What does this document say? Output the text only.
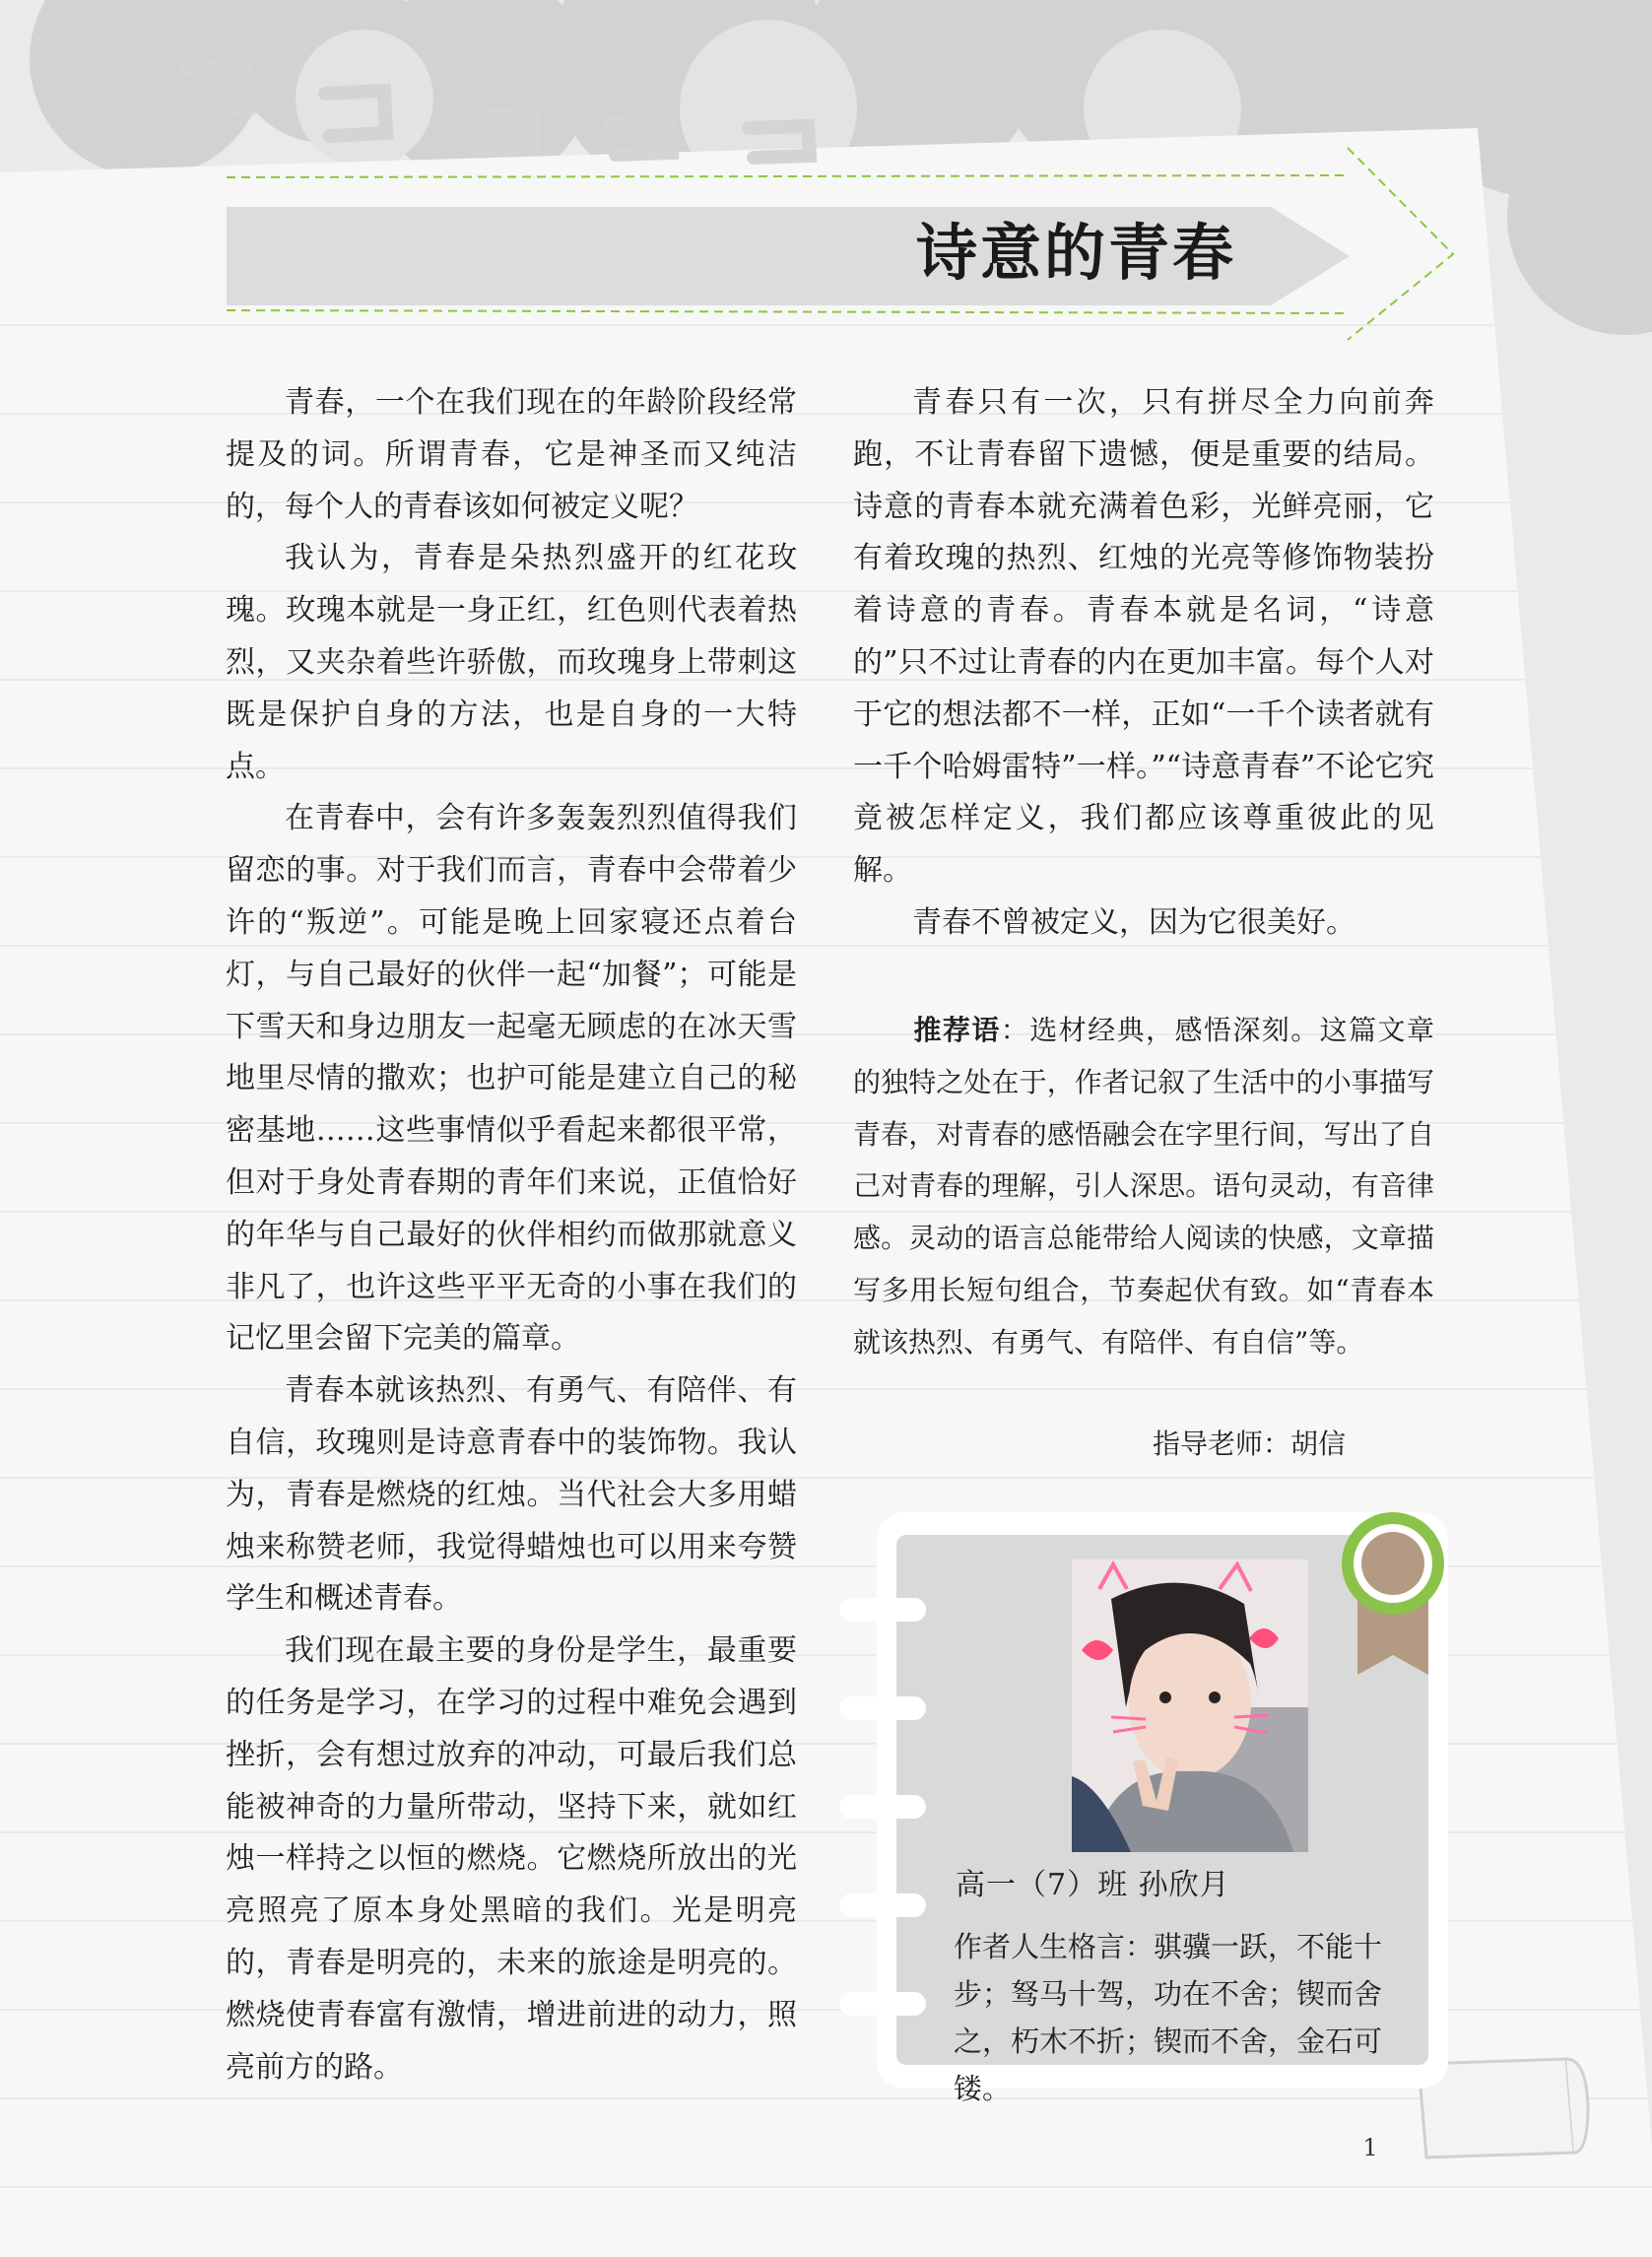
诗意的青春

青春，一个在我们现在的年龄阶段经常提及的词。所谓青春，它是神圣而又纯洁的，每个人的青春该如何被定义呢？

我认为，青春是朵热烈盛开的红花玫瑰。玫瑰本就是一身正红，红色则代表着热烈，又夹杂着些许骄傲，而玫瑰身上带刺这既是保护自身的方法，也是自身的一大特点。

在青春中，会有许多轰轰烈烈值得我们留恋的事。对于我们而言，青春中会带着少许的“叛逆”。可能是晚上回家寝还点着台灯，与自己最好的伙伴一起“加餐”；可能是下雪天和身边朋友一起毫无顾虑的在冰天雪地里尽情的撒欢；也护可能是建立自己的秘密基地……这些事情似乎看起来都很平常，但对于身处青春期的青年们来说，正值恰好的年华与自己最好的伙伴相约而做那就意义非凡了，也许这些平平无奇的小事在我们的记忆里会留下完美的篇章。

青春本就该热烈、有勇气、有陪伴、有自信，玫瑰则是诗意青春中的装饰物。我认为，青春是燃烧的红烛。当代社会大多用蜡烛来称赞老师，我觉得蜡烛也可以用来夸赞学生和概述青春。

我们现在最主要的身份是学生，最重要的任务是学习，在学习的过程中难免会遇到挫折，会有想过放弃的冲动，可最后我们总能被神奇的力量所带动，坚持下来，就如红烛一样持之以恒的燃烧。它燃烧所放出的光亮照亮了原本身处黑暗的我们。光是明亮的，青春是明亮的，未来的旅途是明亮的。燃烧使青春富有激情，增进前进的动力，照亮前方的路。

青春只有一次，只有拼尽全力向前奔跑，不让青春留下遗憾，便是重要的结局。诗意的青春本就充满着色彩，光鲜亮丽，它有着玫瑰的热烈、红烛的光亮等修饰物装扮着诗意的青春。青春本就是名词，“诗意的”只不过让青春的内在更加丰富。每个人对于它的想法都不一样，正如“一千个读者就有一千个哈姆雷特”一样。”“诗意青春”不论它究竟被怎样定义，我们都应该尊重彼此的见解。

青春不曾被定义，因为它很美好。

推荐语：选材经典，感悟深刻。这篇文章的独特之处在于，作者记叙了生活中的小事描写青春，对青春的感悟融会在字里行间，写出了自己对青春的理解，引人深思。语句灵动，有音律感。灵动的语言总能带给人阅读的快感，文章描写多用长短句组合，节奏起伏有致。如“青春本就该热烈、有勇气、有陪伴、有自信”等。
指导老师：胡信
高一（7）班 孙欣月
作者人生格言：骐骥一跃，不能十步；驽马十驾，功在不舍；锲而舍之，朽木不折；锲而不舍，金石可镂。
1
